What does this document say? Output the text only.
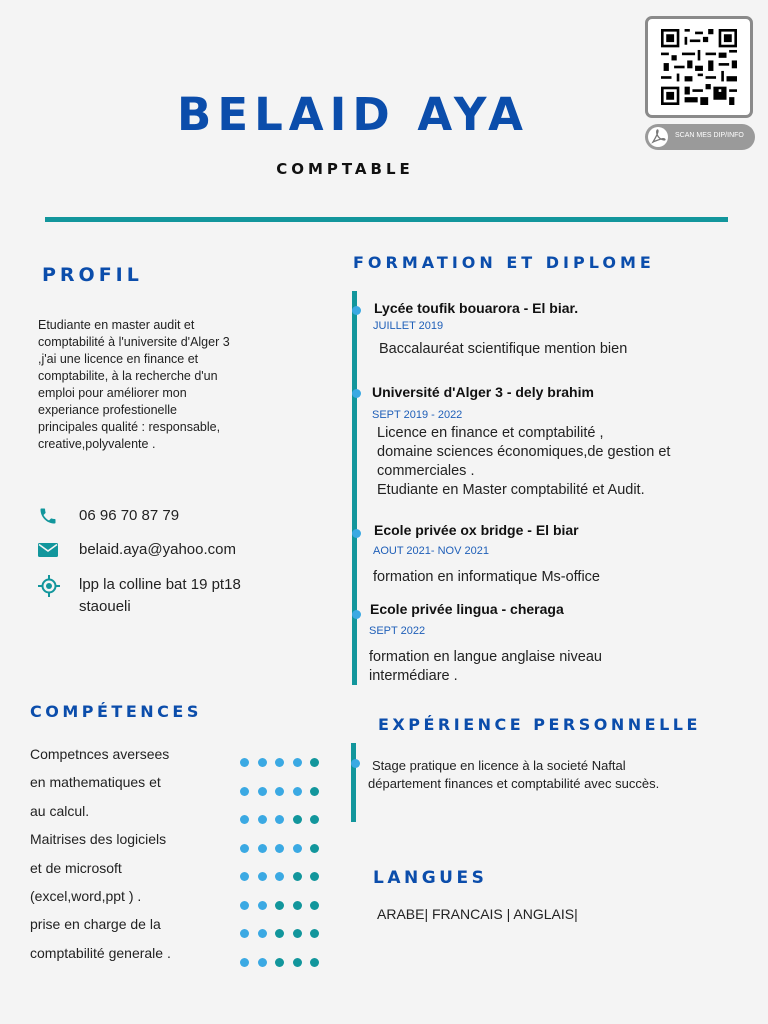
BELAID AYA
COMPTABLE
SCAN MES DIP/INFO
PROFIL
Etudiante en master audit et
comptabilité à l'universite d'Alger 3
,j'ai une licence en finance et
comptabilite, à la recherche d'un
emploi pour améliorer mon
experiance profestionelle
principales qualité : responsable,
creative,polyvalente .
06 96 70 87 79
belaid.aya@yahoo.com
lpp la colline bat 19 pt18
staoueli
COMPÉTENCES
Competnces aversees
en mathematiques et
au calcul.
Maitrises des logiciels
et de microsoft
(excel,word,ppt ) .
prise en charge de la
comptabilité generale .
FORMATION ET DIPLOME
Lycée toufik bouarora - El biar.
JUILLET 2019
Baccalauréat scientifique mention bien
Université d'Alger 3 - dely brahim
SEPT 2019 - 2022
Licence en finance et comptabilité ,
domaine sciences économiques,de gestion et
commerciales .
Etudiante en Master comptabilité et Audit.
Ecole privée ox bridge - El biar
AOUT 2021- NOV 2021
formation en informatique Ms-office
Ecole privée lingua - cheraga
SEPT 2022
formation en langue anglaise niveau
intermédiare .
EXPÉRIENCE PERSONNELLE
Stage pratique en licence à la societé Naftal
département finances et comptabilité avec succès.
LANGUES
ARABE| FRANCAIS | ANGLAIS|
